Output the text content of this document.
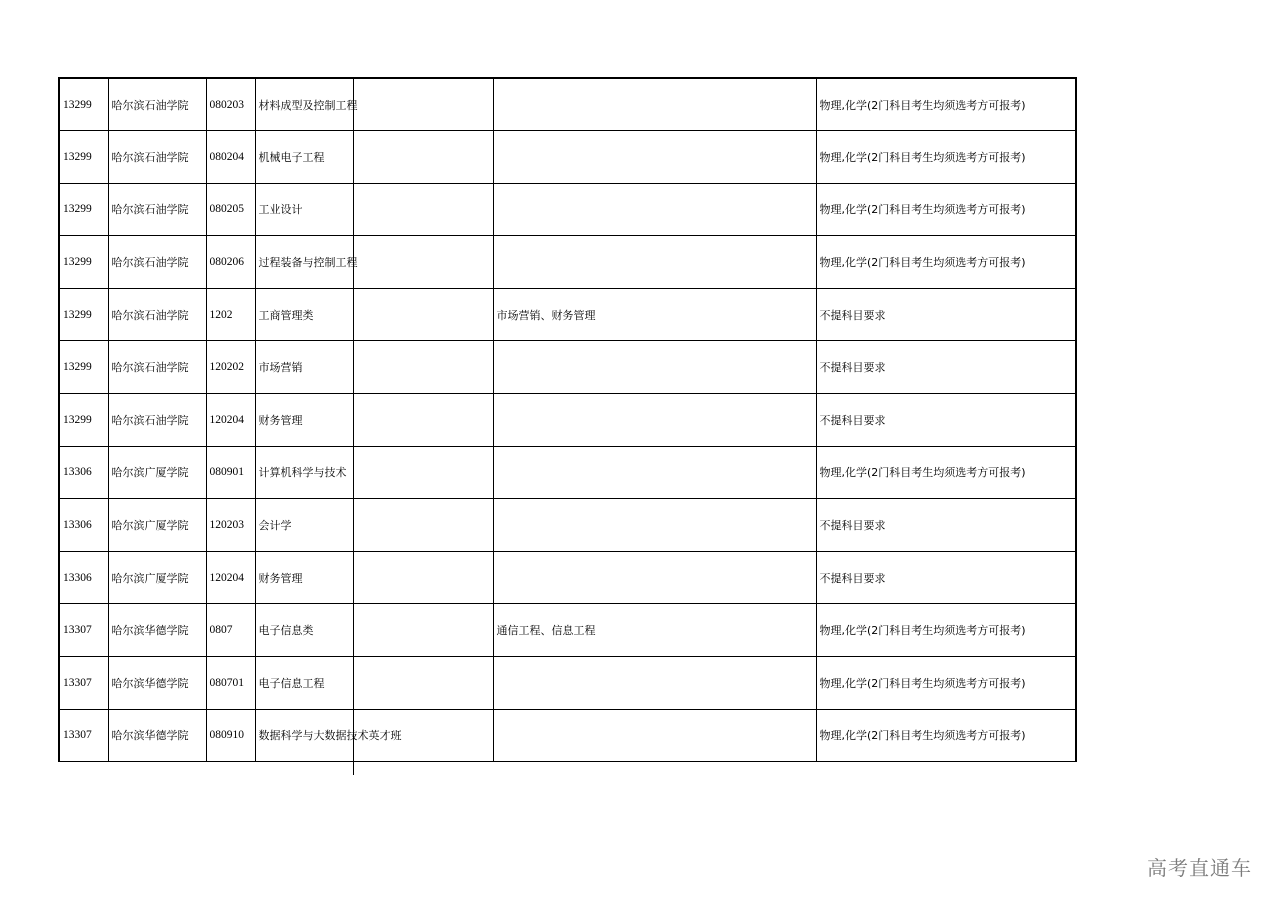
13299	哈尔滨石油学院	080203	材料成型及控制工程			物理,化学(2门科目考生均须选考方可报考)
13299	哈尔滨石油学院	080204	机械电子工程			物理,化学(2门科目考生均须选考方可报考)
13299	哈尔滨石油学院	080205	工业设计			物理,化学(2门科目考生均须选考方可报考)
13299	哈尔滨石油学院	080206	过程装备与控制工程			物理,化学(2门科目考生均须选考方可报考)
13299	哈尔滨石油学院	1202	工商管理类		市场营销、财务管理	不提科目要求
13299	哈尔滨石油学院	120202	市场营销			不提科目要求
13299	哈尔滨石油学院	120204	财务管理			不提科目要求
13306	哈尔滨广厦学院	080901	计算机科学与技术			物理,化学(2门科目考生均须选考方可报考)
13306	哈尔滨广厦学院	120203	会计学			不提科目要求
13306	哈尔滨广厦学院	120204	财务管理			不提科目要求
13307	哈尔滨华德学院	0807	电子信息类		通信工程、信息工程	物理,化学(2门科目考生均须选考方可报考)
13307	哈尔滨华德学院	080701	电子信息工程			物理,化学(2门科目考生均须选考方可报考)
13307	哈尔滨华德学院	080910	数据科学与大数据技术英才班			物理,化学(2门科目考生均须选考方可报考)
高考直通车
